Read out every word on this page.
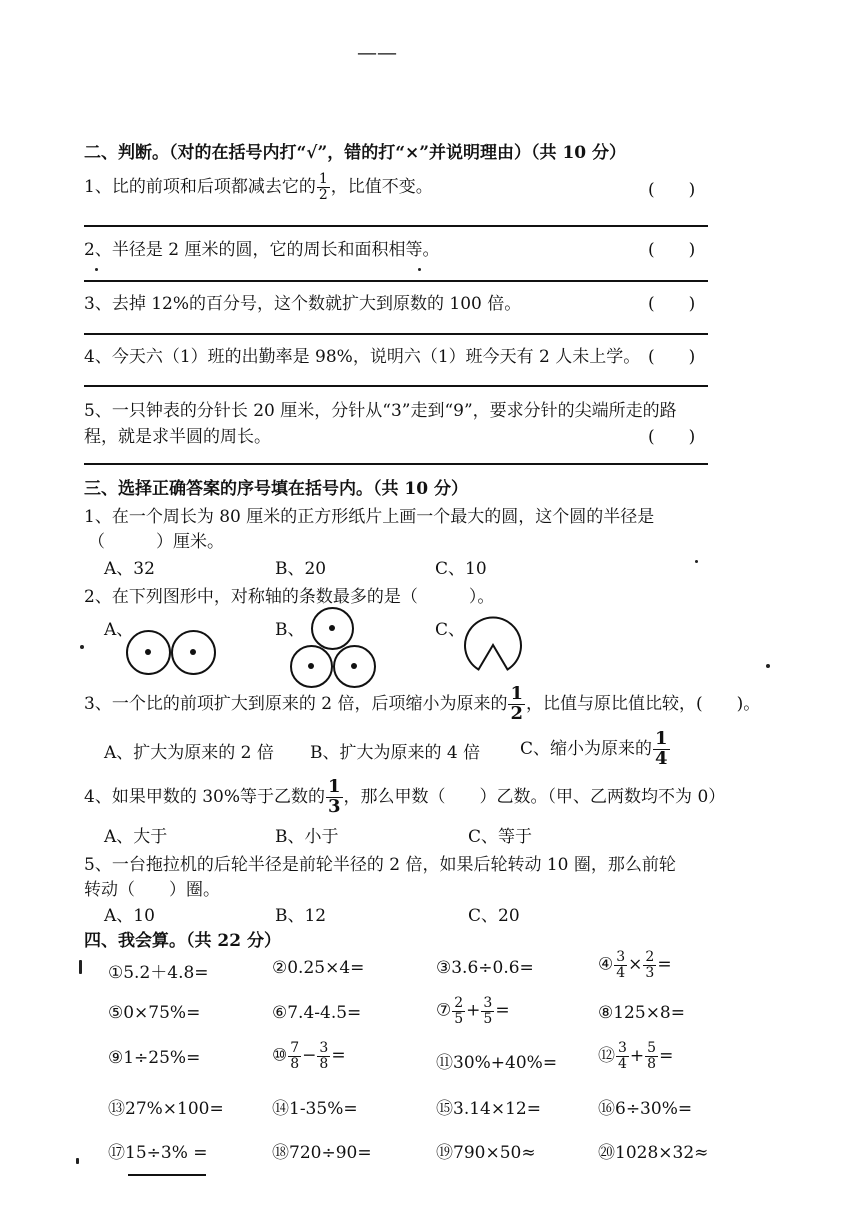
——
二、判断。（对的在括号内打“√”，错的打“×”并说明理由）（共 10 分）
1、比的前项和后项都减去它的 $\frac{1}{2}$ ，比值不变。	(　　)
2、半径是 2 厘米的圆，它的周长和面积相等。	(　　)
3、去掉 12%的百分号，这个数就扩大到原数的 100 倍。	(　　)
4、今天六（1）班的出勤率是 98%，说明六（1）班今天有 2 人未上学。 (　　)
5、一只钟表的分针长 20 厘米，分针从“3”走到“9”，要求分针的尖端所走的路
程，就是求半圆的周长。	(　　)
三、选择正确答案的序号填在括号内。（共 10 分）
1、在一个周长为 80 厘米的正方形纸片上画一个最大的圆，这个圆的半径是
（　　　）厘米。
A、32	B、20	C、10
2、在下列图形中，对称轴的条数最多的是（　　　）。
A、	B、	C、
3、一个比的前项扩大到原来的 2 倍，后项缩小为原来的 $\frac{1}{2}$ ，比值与原比值比较，(　　)。
A、扩大为原来的 2 倍 B、扩大为原来的 4 倍 C、缩小为原来的 $\frac{1}{4}$
4、如果甲数的 30%等于乙数的 $\frac{1}{3}$ ，那么甲数（　　）乙数。（甲、乙两数均不为 0）
A、大于	B、小于	C、等于
5、一台拖拉机的后轮半径是前轮半径的 2 倍，如果后轮转动 10 圈，那么前轮
转动（　　）圈。
A、10	B、12	C、20
四、我会算。（共 22 分）
①5.2＋4.8=	②0.25×4=	③3.6÷0.6=	④ $\frac{3}{4} \times \frac{2}{3}$ =
⑤0×75%=	⑥7.4-4.5=	⑦ $\frac{2}{5} + \frac{3}{5}$ =	⑧125×8=
⑨1÷25%=	⑩ $\frac{7}{8} - \frac{3}{8}$ =	⑪30%+40%= ⑫ $\frac{3}{4} + \frac{5}{8}$ =
⑬27%×100=	⑭1-35%=	⑮3.14×12=	⑯6÷30%=
⑰15÷3% =	⑱720÷90=	⑲790×50≈	⑳1028×32≈
